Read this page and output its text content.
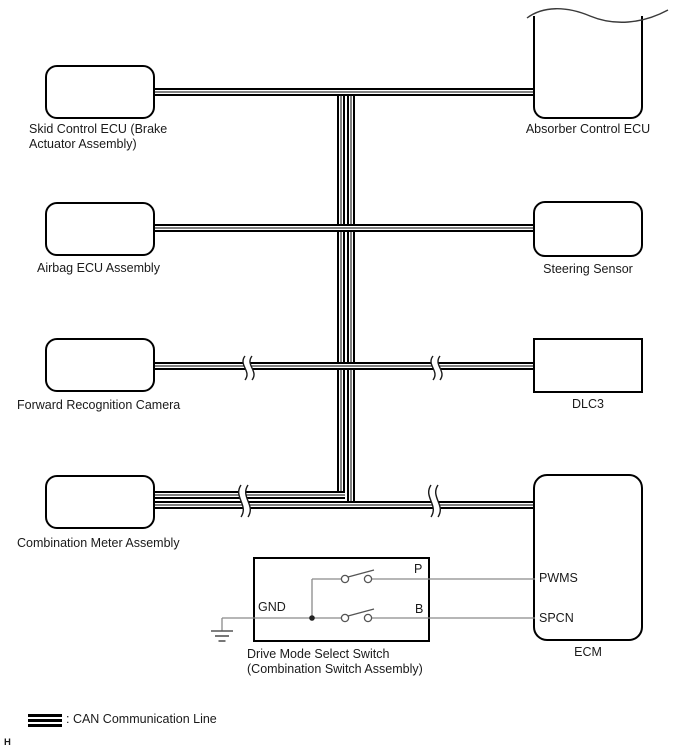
Skid Control ECU (Brake
Actuator Assembly)
Absorber Control ECU
Airbag ECU Assembly	Steering Sensor
Forward Recognition Camera	DLC3
Combination Meter Assembly
ECM
Drive Mode Select Switch
(Combination Switch Assembly)
GND
P
B
PWMS
SPCN
: CAN Communication Line
H
